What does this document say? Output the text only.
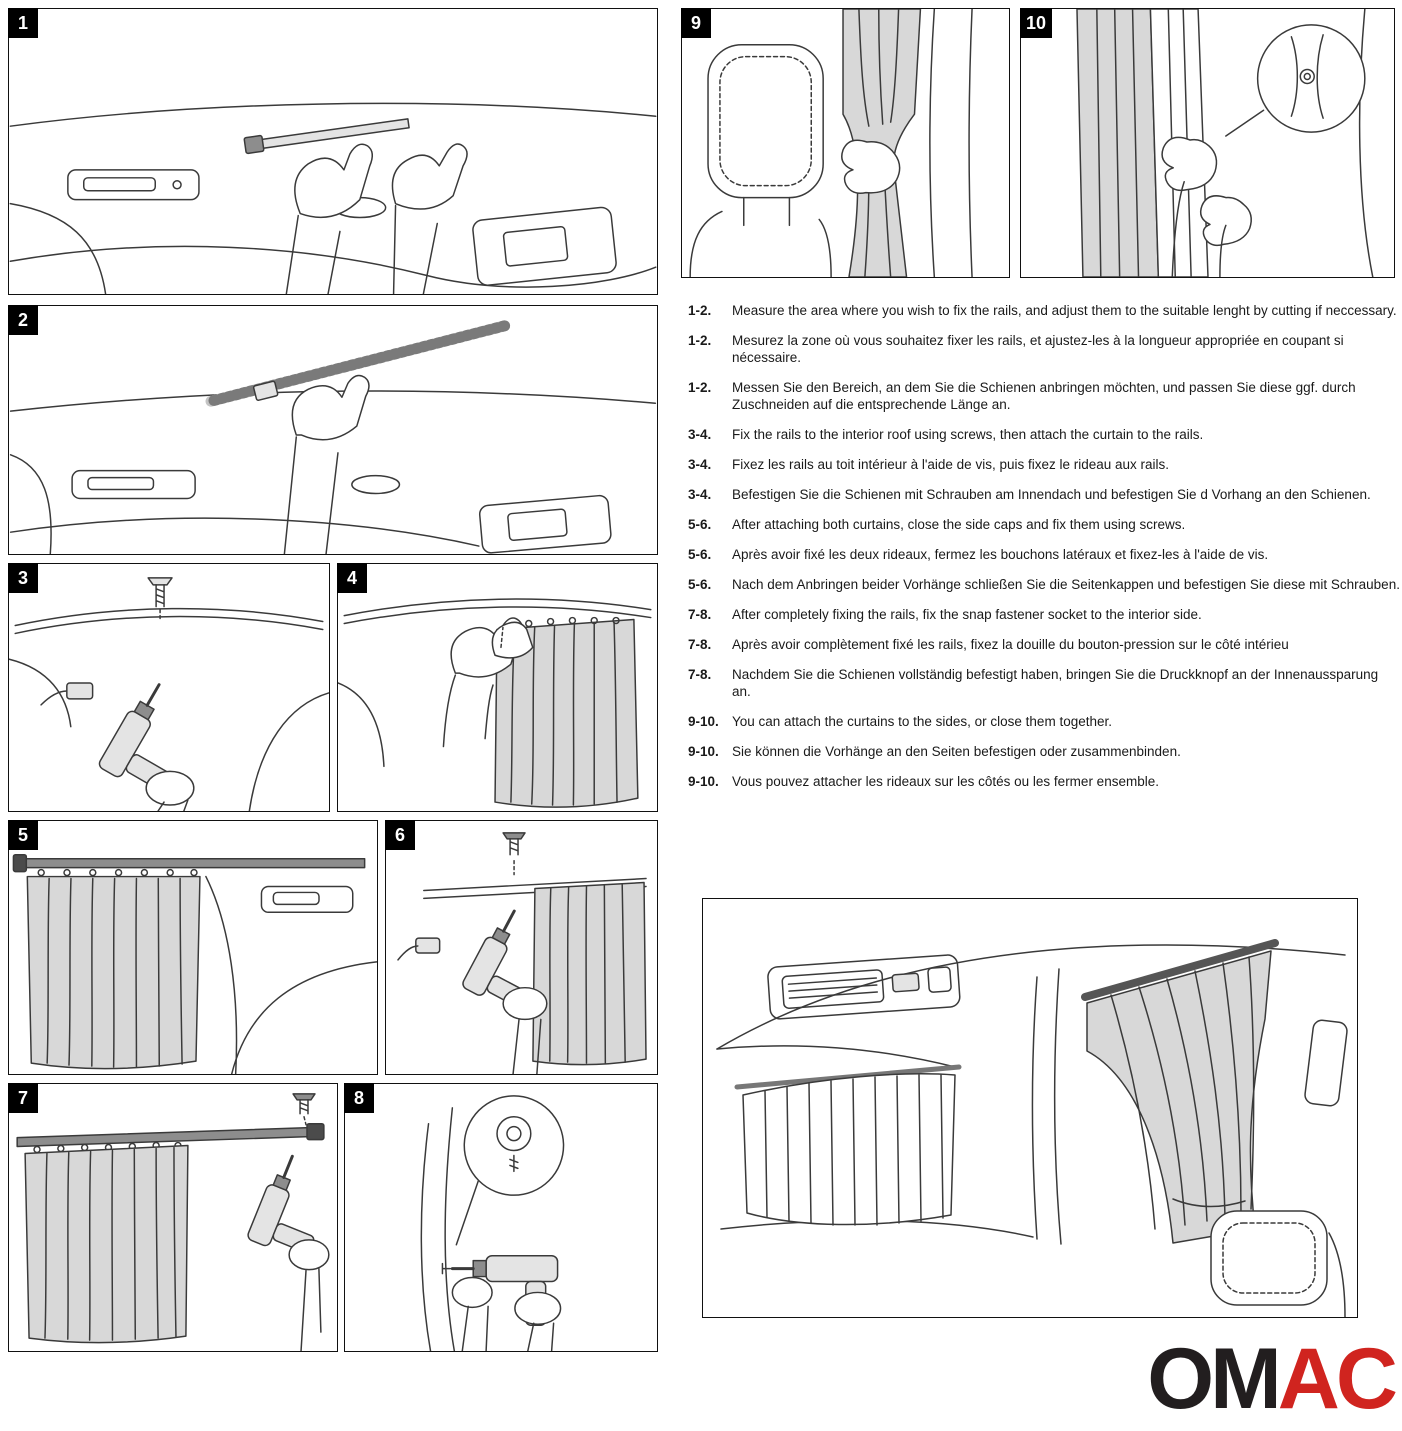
1
2
3	4
5	6
7	8
9	10
1-2.	Measure the area where you wish to fix the rails, and adjust them to the suitable lenght by cutting if neccessary.
1-2.	Mesurez la zone où vous souhaitez fixer les rails, et ajustez-les à la longueur appropriée en coupant si nécessaire.
1-2.	Messen Sie den Bereich, an dem Sie die Schienen anbringen möchten, und passen Sie diese ggf. durch Zuschneiden auf die entsprechende Länge an.
3-4.	Fix the rails to the interior roof using screws, then attach the curtain to the rails.
3-4.	Fixez les rails au toit intérieur à l'aide de vis, puis fixez le rideau aux rails.
3-4.	Befestigen Sie die Schienen mit Schrauben am Innendach und befestigen Sie d Vorhang an den Schienen.
5-6.	After attaching both curtains, close the side caps and fix them using screws.
5-6.	Après avoir fixé les deux rideaux, fermez les bouchons latéraux et fixez-les à l'aide de vis.
5-6.	Nach dem Anbringen beider Vorhänge schließen Sie die Seitenkappen und befestigen Sie diese mit Schrauben.
7-8.	After completely fixing the rails, fix the snap fastener socket to the interior side.
7-8.	Après avoir complètement fixé les rails, fixez la douille du bouton-pression sur le côté intérieu
7-8.	Nachdem Sie die Schienen vollständig befestigt haben, bringen Sie die Druckknopf an der Innenaussparung an.
9-10. You can attach the curtains to the sides, or close them together.
9-10. Sie können die Vorhänge an den Seiten befestigen oder zusammenbinden.
9-10. Vous pouvez attacher les rideaux sur les côtés ou les fermer ensemble.
OMAC
